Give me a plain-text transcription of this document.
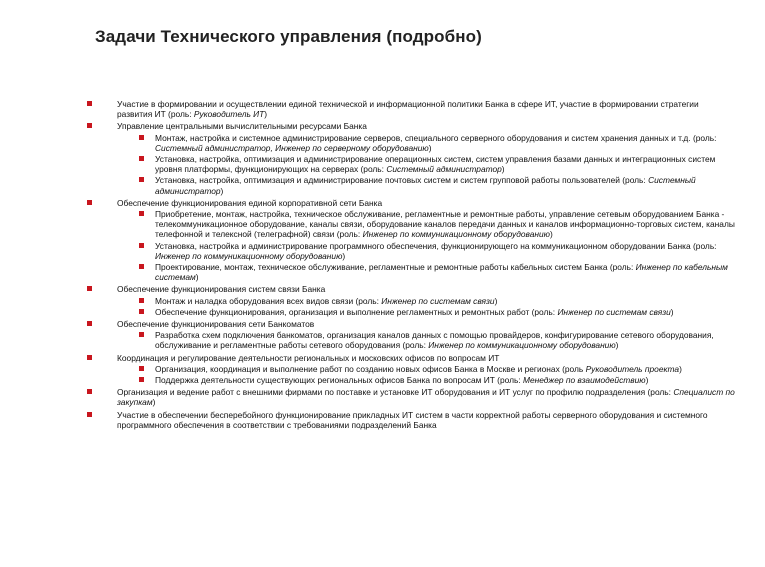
Задачи Технического управления (подробно)
Участие в формировании и осуществлении единой технической и информационной политики Банка в сфере ИТ, участие в формировании стратегии развития ИТ (роль: Руководитель ИТ)
Управление центральными вычислительными ресурсами Банка
Монтаж, настройка и системное администрирование серверов, специального серверного оборудования и систем хранения данных и т.д. (роль: Системный администратор, Инженер по серверному оборудованию)
Установка, настройка, оптимизация и администрирование операционных систем, систем управления базами данных и интеграционных систем уровня платформы, функционирующих на серверах (роль: Системный администратор)
Установка, настройка, оптимизация и администрирование почтовых систем и систем групповой работы пользователей (роль: Системный администратор)
Обеспечение функционирования единой корпоративной сети Банка
Приобретение, монтаж, настройка, техническое обслуживание, регламентные и ремонтные работы, управление сетевым оборудованием Банка - телекоммуникационное оборудование, каналы связи, оборудование каналов передачи данных и каналов информационно-торговых систем, каналы телефонной и телексной (телеграфной) связи (роль: Инженер по коммуникационному оборудованию)
Установка, настройка и администрирование программного обеспечения, функционирующего на коммуникационном оборудовании Банка (роль: Инженер по коммуникационному оборудованию)
Проектирование, монтаж, техническое обслуживание, регламентные и ремонтные работы кабельных систем Банка (роль: Инженер по кабельным системам)
Обеспечение функционирования систем связи Банка
Монтаж и наладка оборудования всех видов связи (роль: Инженер по системам связи)
Обеспечение функционирования, организация и выполнение регламентных и ремонтных работ (роль: Инженер по системам связи)
Обеспечение функционирования сети Банкоматов
Разработка схем подключения банкоматов, организация каналов данных с помощью провайдеров, конфигурирование сетевого оборудования, обслуживание и регламентные работы сетевого оборудования (роль: Инженер по коммуникационному оборудованию)
Координация и регулирование деятельности региональных и московских офисов по вопросам ИТ
Организация, координация и выполнение работ по созданию новых офисов Банка в Москве и регионах (роль Руководитель проекта)
Поддержка деятельности существующих региональных офисов Банка по вопросам ИТ (роль: Менеджер по взаимодействию)
Организация и ведение работ с внешними фирмами по поставке и установке ИТ оборудования и ИТ услуг по профилю подразделения (роль: Специалист по закупкам)
Участие в обеспечении бесперебойного функционирование прикладных ИТ систем в части корректной работы серверного оборудования и системного программного обеспечения в соответствии с требованиями подразделений Банка
